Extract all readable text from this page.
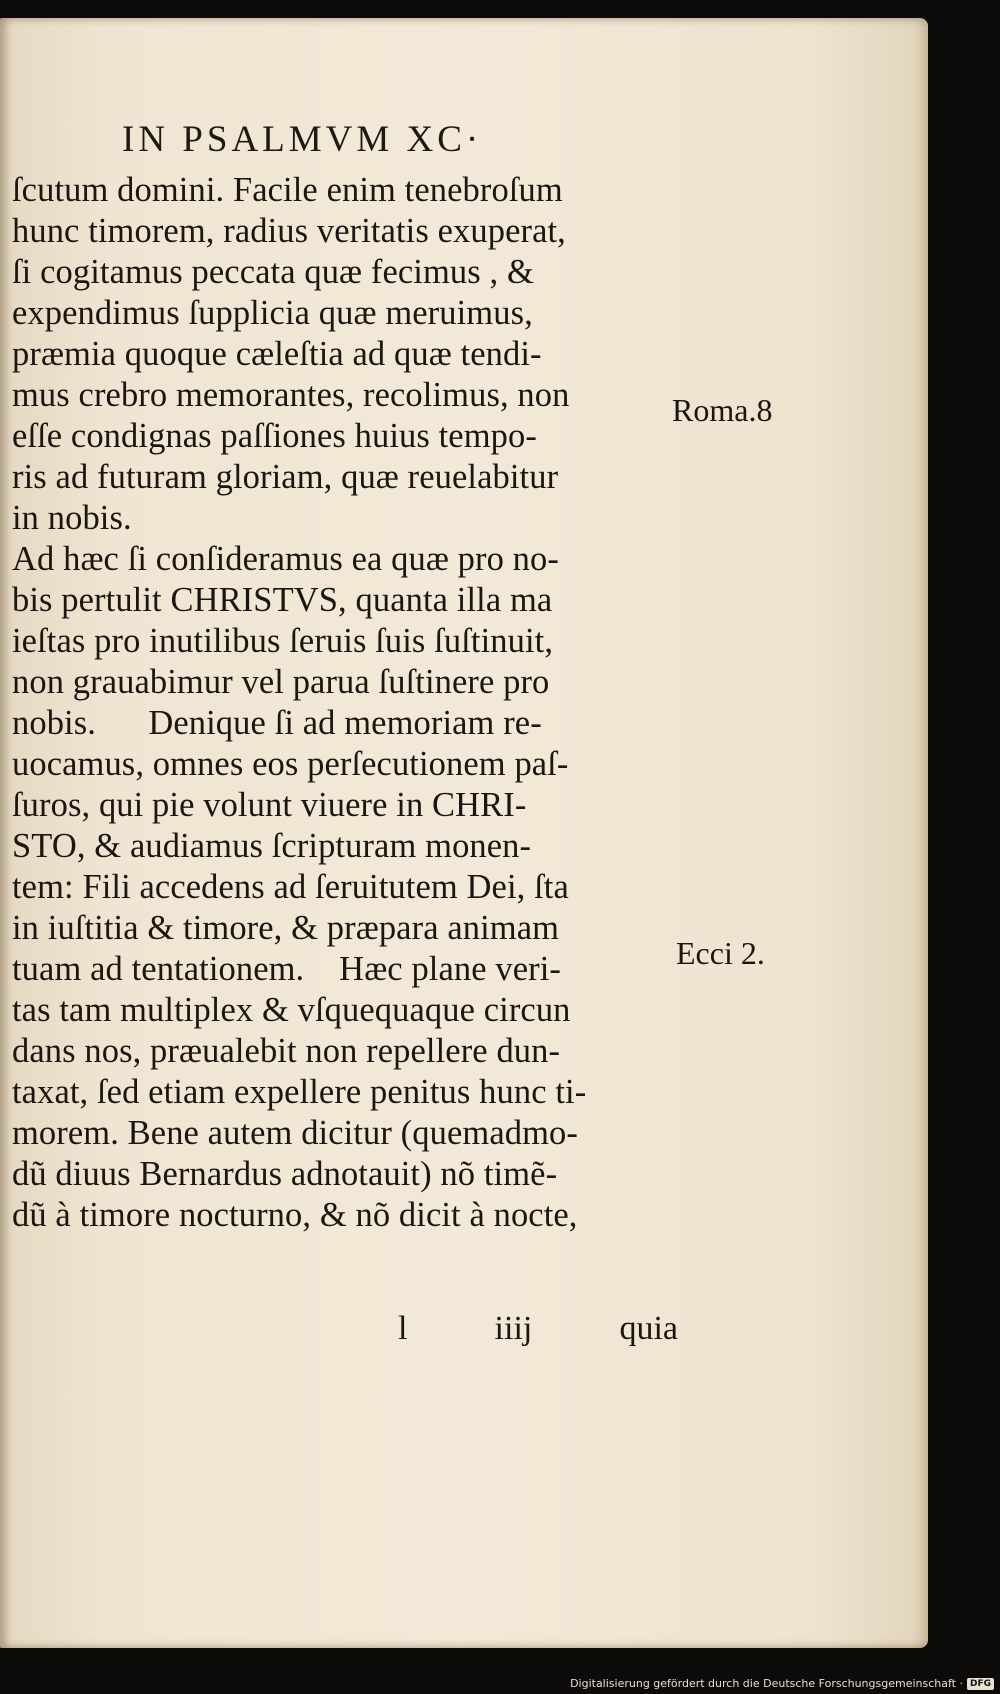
IN PSALMVM XC·
ſcutum domini. Facile enim tenebroſum
hunc timorem, radius veritatis exuperat,
ſi cogitamus peccata quæ fecimus , &
expendimus ſupplicia quæ meruimus,
præmia quoque cæleſtia ad quæ tendi-
mus crebro memorantes, recolimus, non
eſſe condignas paſſiones huius tempo-
ris ad futuram gloriam, quæ reuelabitur
in nobis.
Ad hæc ſi conſideramus ea quæ pro no-
bis pertulit CHRISTVS, quanta illa ma
ieſtas pro inutilibus ſeruis ſuis ſuſtinuit,
non grauabimur vel parua ſuſtinere pro
nobis.      Denique ſi ad memoriam re-
uocamus, omnes eos perſecutionem paſ-
ſuros, qui pie volunt viuere in CHRI-
STO, & audiamus ſcripturam monen-
tem: Fili accedens ad ſeruitutem Dei, ſta
in iuſtitia & timore, & præpara animam
tuam ad tentationem.    Hæc plane veri-
tas tam multiplex & vſquequaque circun
dans nos, præualebit non repellere dun-
taxat, ſed etiam expellere penitus hunc ti-
morem. Bene autem dicitur (quemadmo-
dũ diuus Bernardus adnotauit) nõ timẽ-
dũ à timore nocturno, & nõ dicit à nocte,
Roma.8
Ecci 2.
ﾠ
l	iiij	quia
Digitalisierung gefördert durch die Deutsche Forschungsgemeinschaft · DFG
